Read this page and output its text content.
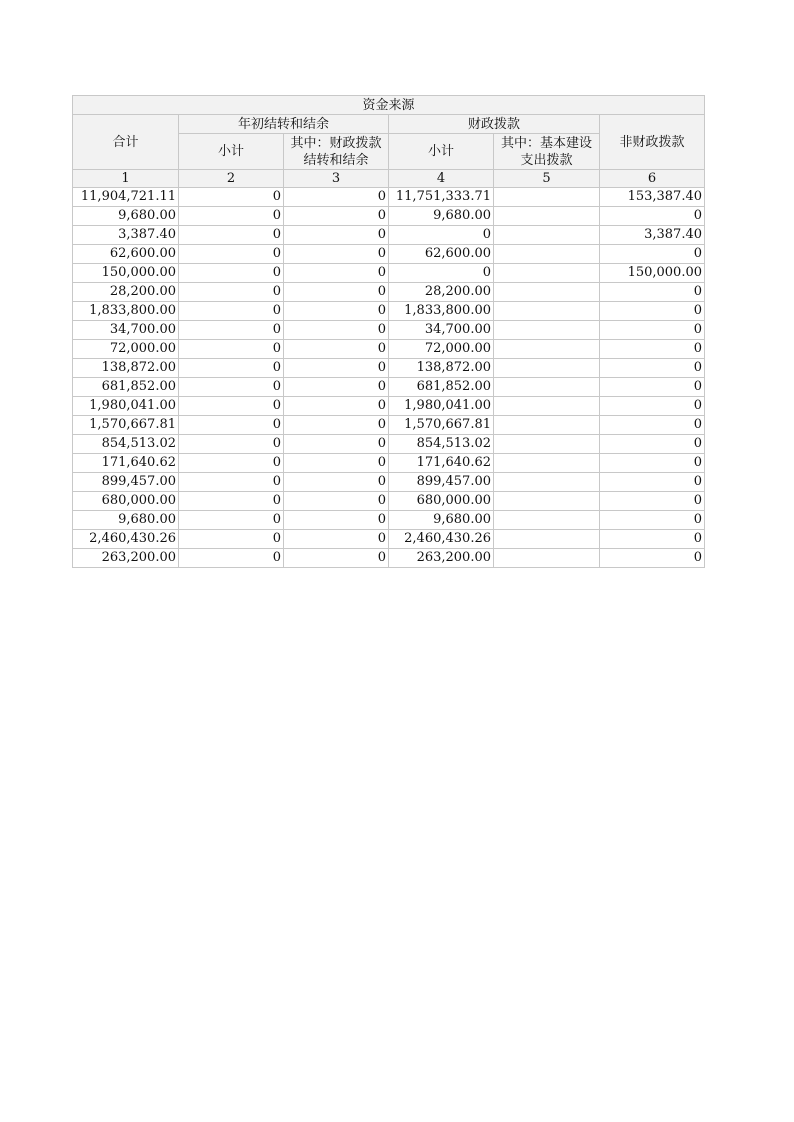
资金来源					
合计	年初结转和结余		财政拨款		非财政拨款
	小计	其中：财政拨款结转和结余	小计	其中：基本建设支出拨款	
1	2	3	4	5	6
11,904,721.11	0	0	11,751,333.71		153,387.40
9,680.00	0	0	9,680.00		0
3,387.40	0	0	0		3,387.40
62,600.00	0	0	62,600.00		0
150,000.00	0	0	0		150,000.00
28,200.00	0	0	28,200.00		0
1,833,800.00	0	0	1,833,800.00		0
34,700.00	0	0	34,700.00		0
72,000.00	0	0	72,000.00		0
138,872.00	0	0	138,872.00		0
681,852.00	0	0	681,852.00		0
1,980,041.00	0	0	1,980,041.00		0
1,570,667.81	0	0	1,570,667.81		0
854,513.02	0	0	854,513.02		0
171,640.62	0	0	171,640.62		0
899,457.00	0	0	899,457.00		0
680,000.00	0	0	680,000.00		0
9,680.00	0	0	9,680.00		0
2,460,430.26	0	0	2,460,430.26		0
263,200.00	0	0	263,200.00		0
